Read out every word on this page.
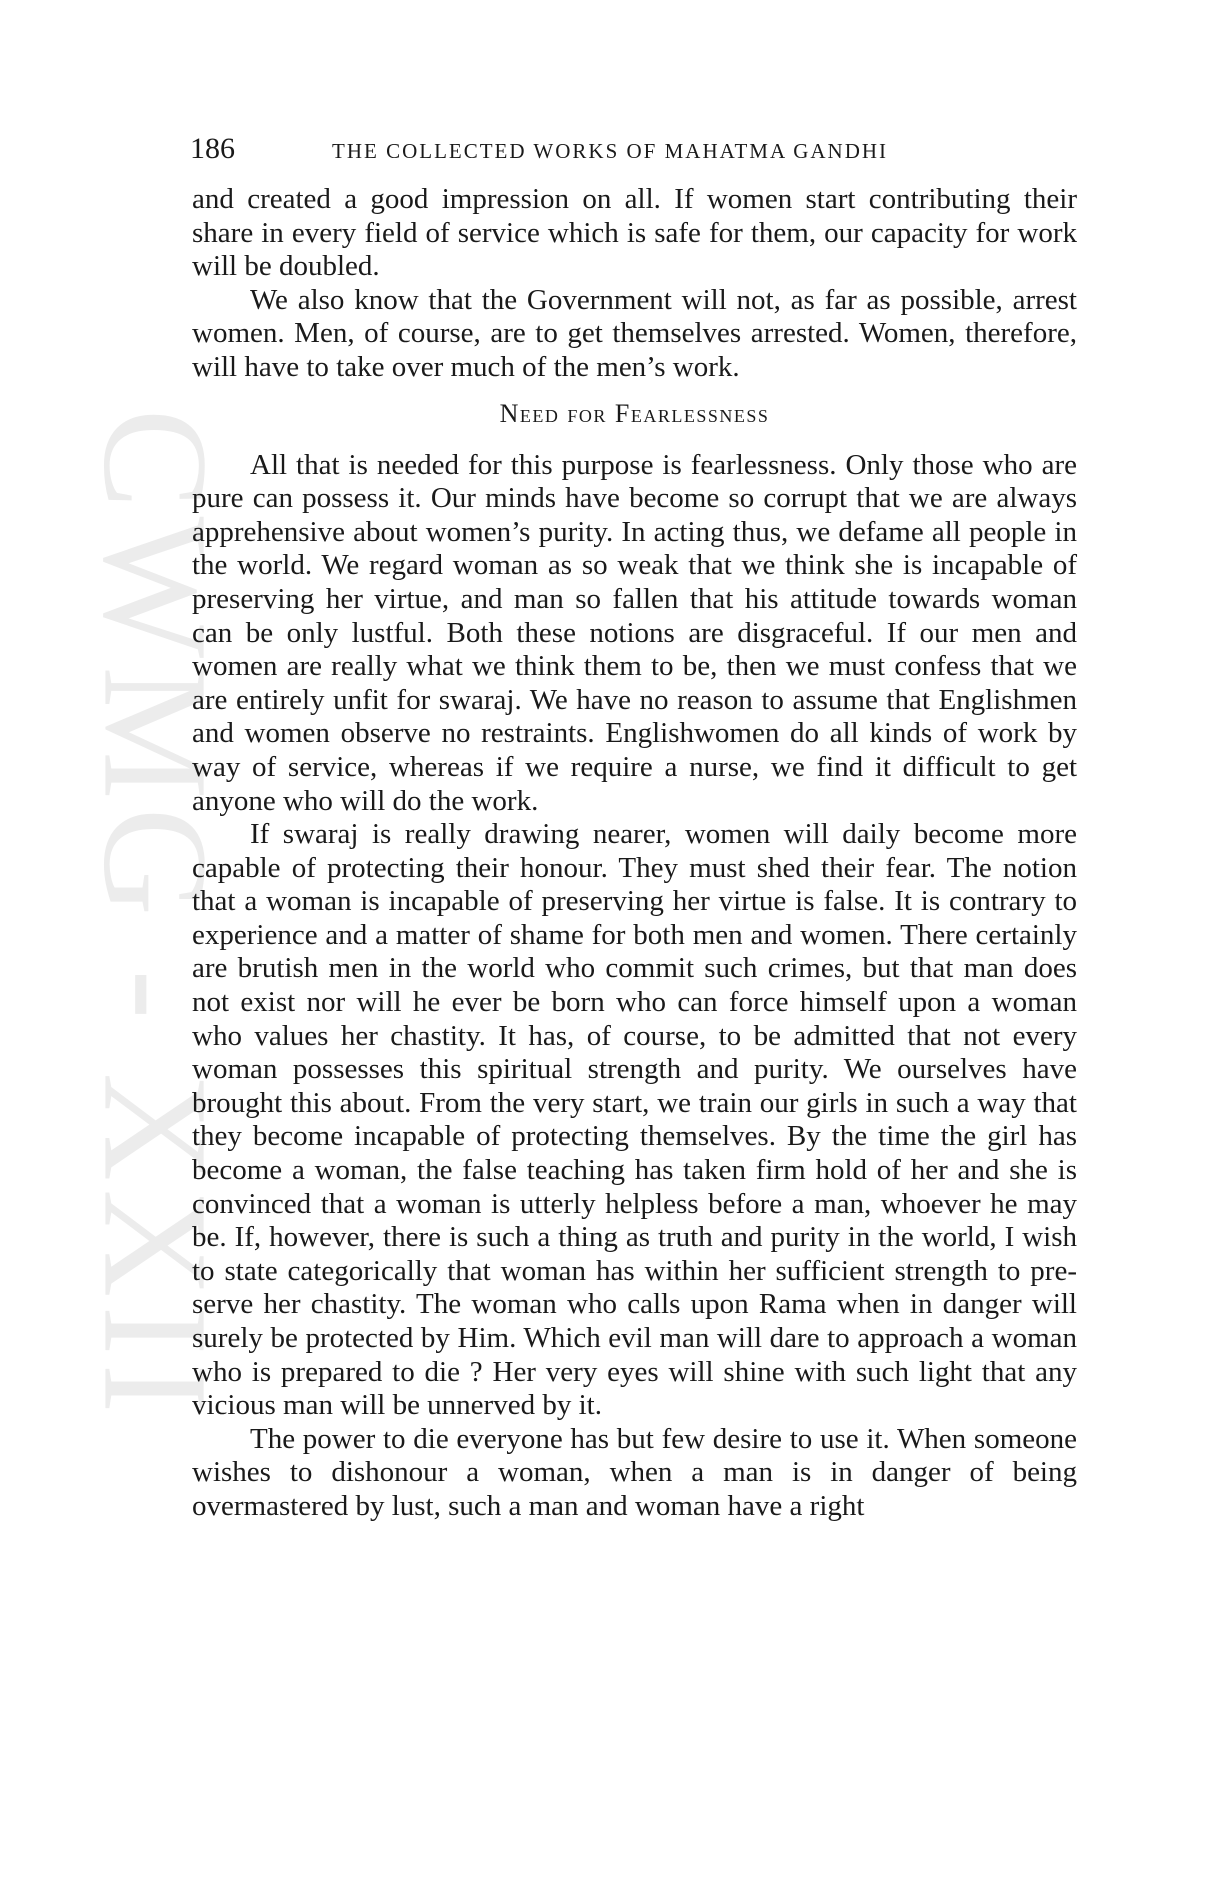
CWMG - XXII
186	THE COLLECTED WORKS OF MAHATMA GANDHI

and created a good impression on all. If women start contributing their share in every field of service which is safe for them, our capacity for work will be doubled.

We also know that the Government will not, as far as possible, arrest women. Men, of course, are to get themselves arrested. Women, therefore, will have to take over much of the men’s work.

Need for Fearlessness

All that is needed for this purpose is fearlessness. Only those who are pure can possess it. Our minds have become so corrupt that we are always apprehensive about women’s purity. In acting thus, we defame all people in the world. We regard woman as so weak that we think she is incapable of preserving her virtue, and man so fallen that his attitude towards woman can be only lustful. Both these notions are disgraceful. If our men and women are really what we think them to be, then we must confess that we are entirely unfit for swaraj. We have no reason to assume that Englishmen and women observe no restraints. Englishwomen do all kinds of work by way of service, whereas if we require a nurse, we find it difficult to get anyone who will do the work.

If swaraj is really drawing nearer, women will daily become more capable of protecting their honour. They must shed their fear. The notion that a woman is incapable of preserving her virtue is false. It is contrary to experience and a matter of shame for both men and women. There certainly are brutish men in the world who commit such crimes, but that man does not exist nor will he ever be born who can force himself upon a woman who values her chastity. It has, of course, to be admitted that not every woman possesses this spiritual strength and purity. We ourselves have brought this about. From the very start, we train our girls in such a way that they become incapable of protecting themselves. By the time the girl has become a woman, the false teaching has taken firm hold of her and she is convinced that a woman is utterly helpless before a man, whoever he may be. If, however, there is such a thing as truth and purity in the world, I wish to state categorically that woman has within her sufficient strength to preserve her chastity. The woman who calls upon Rama when in danger will surely be protected by Him. Which evil man will dare to approach a woman who is prepared to die ? Her very eyes will shine with such light that any vicious man will be unnerved by it.

The power to die everyone has but few desire to use it. When someone wishes to dishonour a woman, when a man is in danger of being overmastered by lust, such a man and woman have a right
